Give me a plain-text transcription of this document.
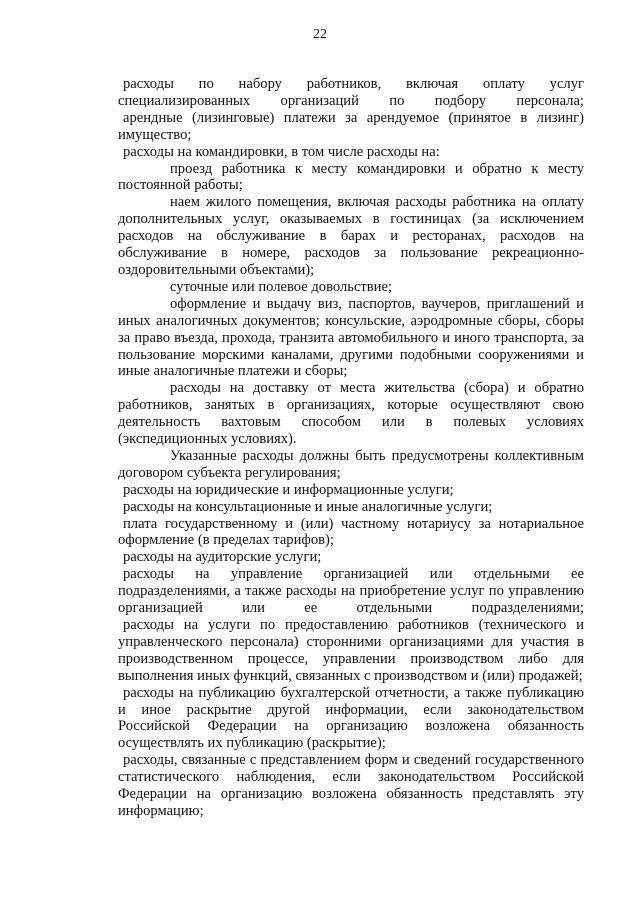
22

расходы по набору работников, включая оплату услуг специализированных организаций по подбору персонала;

арендные (лизинговые) платежи за арендуемое (принятое в лизинг) имущество;

расходы на командировки, в том числе расходы на:

проезд работника к месту командировки и обратно к месту постоянной работы;

наем жилого помещения, включая расходы работника на оплату дополнительных услуг, оказываемых в гостиницах (за исключением расходов на обслуживание в барах и ресторанах, расходов на обслуживание в номере, расходов за пользование рекреационно-оздоровительными объектами);

суточные или полевое довольствие;

оформление и выдачу виз, паспортов, ваучеров, приглашений и иных аналогичных документов; консульские, аэродромные сборы, сборы за право въезда, прохода, транзита автомобильного и иного транспорта, за пользование морскими каналами, другими подобными сооружениями и иные аналогичные платежи и сборы;

расходы на доставку от места жительства (сбора) и обратно работников, занятых в организациях, которые осуществляют свою деятельность вахтовым способом или в полевых условиях (экспедиционных условиях).

Указанные расходы должны быть предусмотрены коллективным договором субъекта регулирования;

расходы на юридические и информационные услуги;

расходы на консультационные и иные аналогичные услуги;

плата государственному и (или) частному нотариусу за нотариальное оформление (в пределах тарифов);

расходы на аудиторские услуги;

расходы на управление организацией или отдельными ее подразделениями, а также расходы на приобретение услуг по управлению организацией или ее отдельными подразделениями;

расходы на услуги по предоставлению работников (технического и управленческого персонала) сторонними организациями для участия в производственном процессе, управлении производством либо для выполнения иных функций, связанных с производством и (или) продажей;

расходы на публикацию бухгалтерской отчетности, а также публикацию и иное раскрытие другой информации, если законодательством Российской Федерации на организацию возложена обязанность осуществлять их публикацию (раскрытие);

расходы, связанные с представлением форм и сведений государственного статистического наблюдения, если законодательством Российской Федерации на организацию возложена обязанность представлять эту информацию;
